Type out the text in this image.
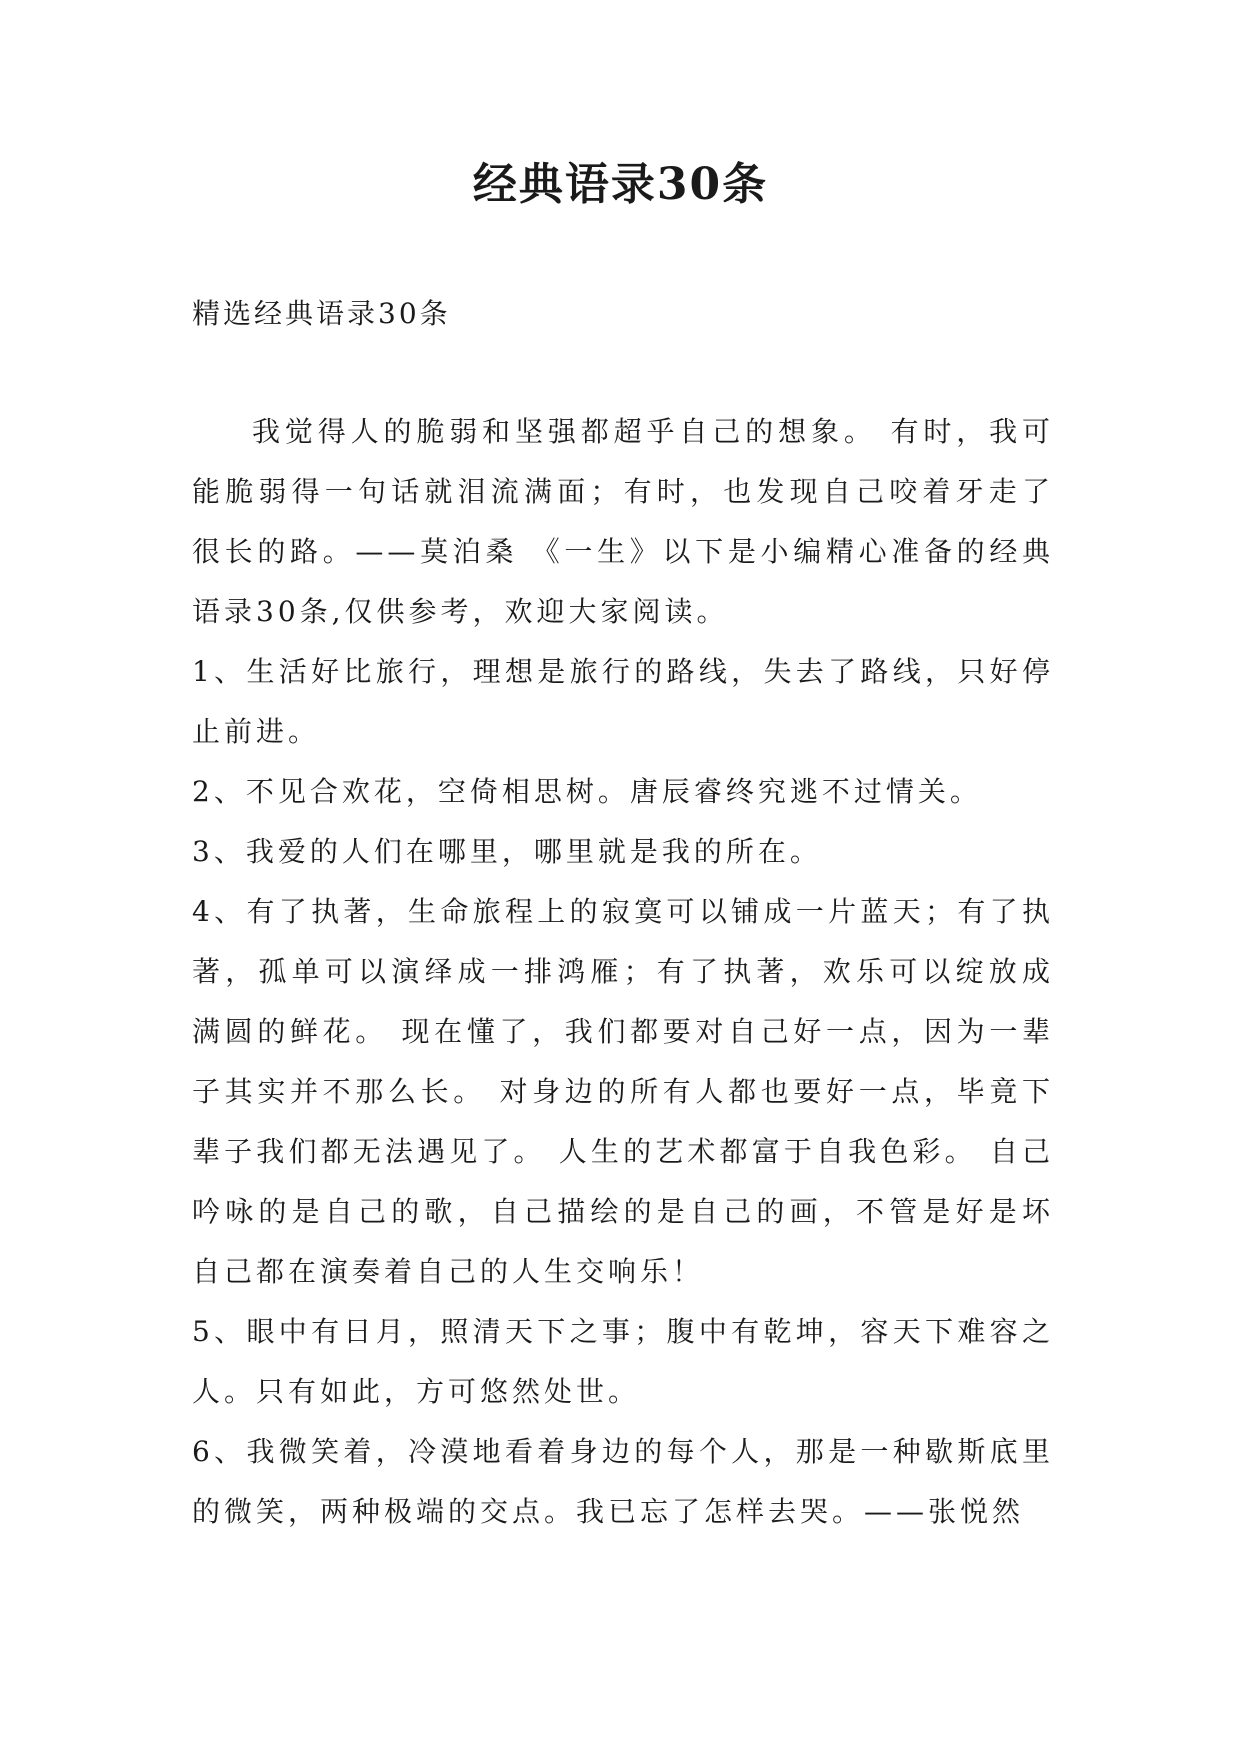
经典语录30条
精选经典语录30条

我觉得人的脆弱和坚强都超乎自己的想象。 有时，我可能脆弱得一句话就泪流满面；有时，也发现自己咬着牙走了很长的路。——莫泊桑 《一生》以下是小编精心准备的经典语录30条,仅供参考，欢迎大家阅读。

1、生活好比旅行，理想是旅行的路线，失去了路线，只好停止前进。

2、不见合欢花，空倚相思树。唐辰睿终究逃不过情关。

3、我爱的人们在哪里，哪里就是我的所在。

4、有了执著，生命旅程上的寂寞可以铺成一片蓝天；有了执著，孤单可以演绎成一排鸿雁；有了执著，欢乐可以绽放成满圆的鲜花。 现在懂了，我们都要对自己好一点，因为一辈子其实并不那么长。 对身边的所有人都也要好一点，毕竟下辈子我们都无法遇见了。 人生的艺术都富于自我色彩。 自己吟咏的是自己的歌，自己描绘的是自己的画，不管是好是坏自己都在演奏着自己的人生交响乐！

5、眼中有日月，照清天下之事；腹中有乾坤，容天下难容之人。只有如此，方可悠然处世。

6、我微笑着，冷漠地看着身边的每个人，那是一种歇斯底里的微笑，两种极端的交点。我已忘了怎样去哭。——张悦然
